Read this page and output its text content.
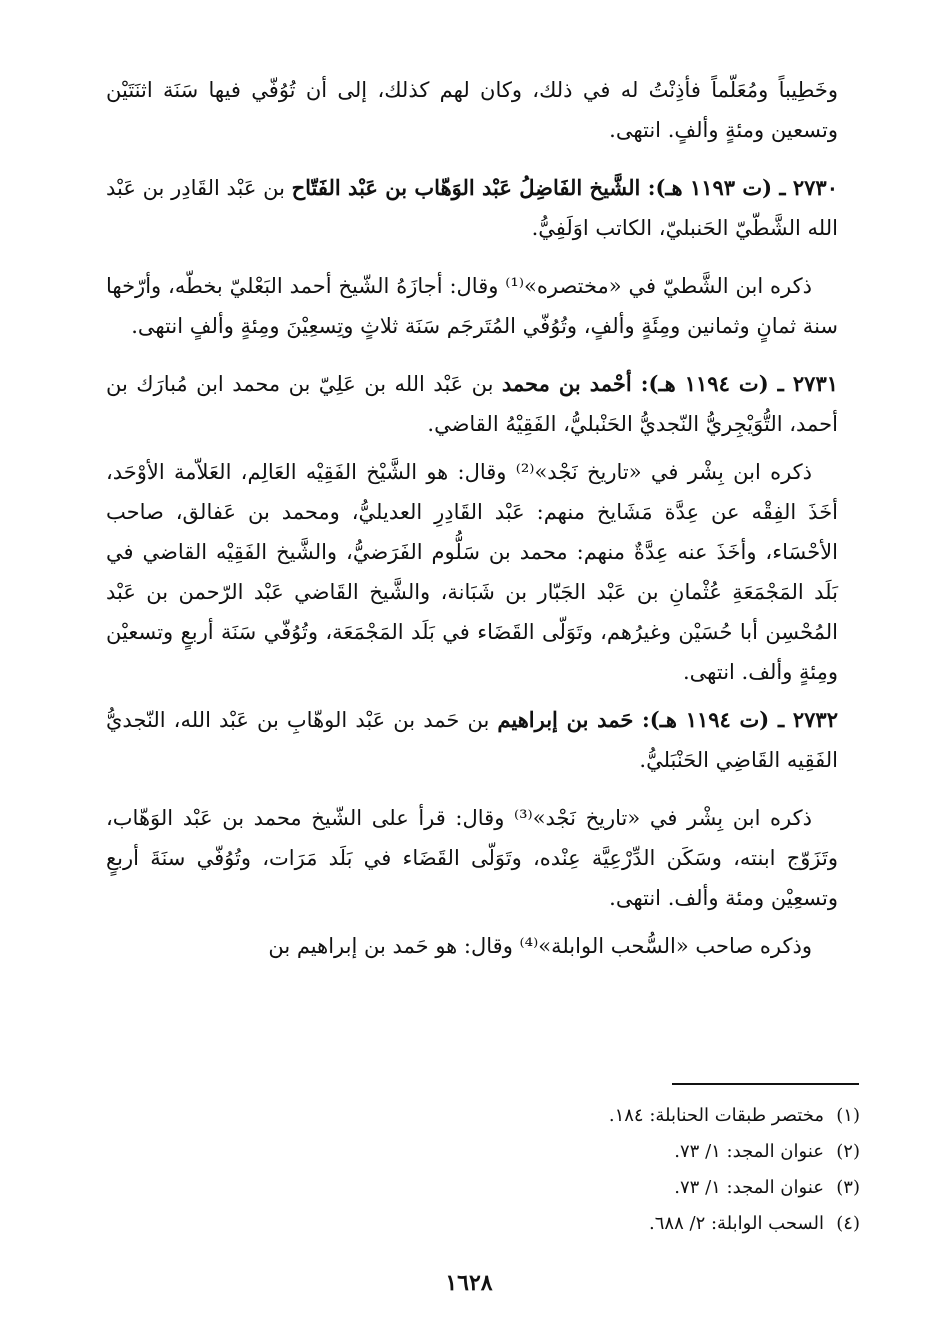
وخَطِيباً ومُعَلّماً فأذِنْتُ له في ذلك، وكان لهم كذلك، إلى أن تُوُفّي فيها سَنَة اثنَتَيْن وتسعين ومئةٍ وألفٍ. انتهى.
٢٧٣٠ ـ (ت ١١٩٣ هـ): الشَّيخ الفَاضِلُ عَبْد الوَهّاب بن عَبْد الفَتّاح بن عَبْد القَادِر بن عَبْد الله الشَّطّيّ الحَنبليّ، الكاتب اوَلَفِيُّ.
ذكره ابن الشَّطيّ في «مختصره»⁽¹⁾ وقال: أجازَهُ الشّيخ أحمد البَعْليّ بخطّه، وأرّخها سنة ثمانٍ وثمانين ومِئَةٍ وألفٍ، وتُوُفّي المُتَرجَم سَنَة ثلاثٍ وتِسعِيْنَ ومِئةٍ وألفٍ انتهى.
٢٧٣١ ـ (ت ١١٩٤ هـ): أحْمد بن محمد بن عَبْد الله بن عَلِيّ بن محمد ابن مُبارَك بن أحمد، التُّوَيْجِريُّ النّجديُّ الحَنْبليُّ، الفَقِيْهُ القاضي.
ذكره ابن بِشْر في «تاريخ نَجْد»⁽²⁾ وقال: هو الشَّيْخ الفَقِيْه العَالِم، العَلاّمة الأوْحَد، أخَذَ الفِقْه عن عِدَّة مَشَايخ منهم: عَبْد القَادِرِ العديليُّ، ومحمد بن عَفالق، صاحب الأحْسَاء، وأخَذَ عنه عِدَّةٌ منهم: محمد بن سَلُّوم الفَرَضيُّ، والشَّيخ الفَقِيْه القاضي في بَلَد المَجْمَعَةِ عُثْمانِ بن عَبْد الجَبّار بن شَبَانة، والشَّيخ القَاضي عَبْد الرّحمن بن عَبْد المُحْسِن أبا حُسَيْن وغيرُهم، وتَوَلّى القَضَاء في بَلَد المَجْمَعَة، وتُوُفّي سَنَة أربعٍ وتسعيْن ومِئةٍ وألف. انتهى.
٢٧٣٢ ـ (ت ١١٩٤ هـ): حَمد بن إبراهيم بن حَمد بن عَبْد الوهّابِ بن عَبْد الله، النّجديُّ الفَقِيه القَاضِي الحَنْبَليُّ.
ذكره ابن بِشْر في «تاريخ نَجْد»⁽³⁾ وقال: قرأ على الشّيخ محمد بن عَبْد الوَهّاب، وتَزَوّج ابنته، وسَكَن الدِّرْعِيَّة عِنْده، وتَوَلّى القَضَاء في بَلَد مَرَات، وتُوُفّي سنَةَ أربعٍ وتسعِيْن ومئة وألف. انتهى.
وذكره صاحب «السُّحب الوابلة»⁽⁴⁾ وقال: هو حَمد بن إبراهيم بن
(١)مختصر طبقات الحنابلة: ١٨٤.
(٢)عنوان المجد: ١/ ٧٣.
(٣)عنوان المجد: ١/ ٧٣.
(٤)السحب الوابلة: ٢/ ٦٨٨.
١٦٢٨
